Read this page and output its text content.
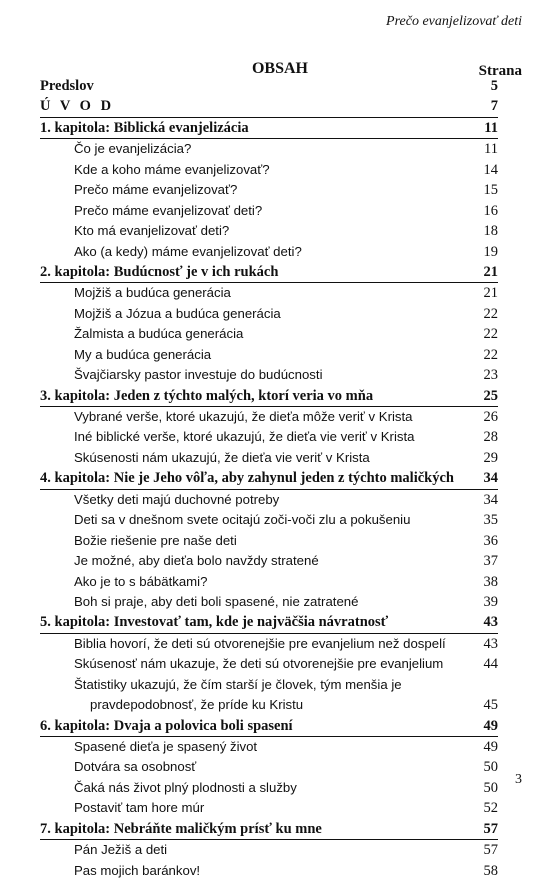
Prečo evanjelizovať deti
OBSAH	Strana
Predslov	5
Ú V O D	7
1. kapitola: Biblická evanjelizácia	11
Čo je evanjelizácia?	11
Kde a koho máme evanjelizovať?	14
Prečo máme evanjelizovať?	15
Prečo máme evanjelizovať deti?	16
Kto má evanjelizovať deti?	18
Ako (a kedy) máme evanjelizovať deti?	19
2. kapitola: Budúcnosť je v ich rukách	21
Mojžiš a budúca generácia	21
Mojžiš a Józua a budúca generácia	22
Žalmista a budúca generácia	22
My a budúca generácia	22
Švajčiarsky pastor investuje do budúcnosti	23
3. kapitola: Jeden z týchto malých, ktorí veria vo mňa	25
Vybrané verše, ktoré ukazujú, že dieťa môže veriť v Krista	26
Iné biblické verše, ktoré ukazujú, že dieťa vie veriť v Krista	28
Skúsenosti nám ukazujú, že dieťa vie veriť v Krista	29
4. kapitola: Nie je Jeho vôľa, aby zahynul jeden z týchto maličkých 34
Všetky deti majú duchovné potreby	34
Deti sa v dnešnom svete ocitajú zoči-voči zlu a pokušeniu	35
Božie riešenie pre naše deti	36
Je možné, aby dieťa bolo navždy stratené	37
Ako je to s bábätkami?	38
Boh si praje, aby deti boli spasené, nie zatratené	39
5. kapitola: Investovať tam, kde je najväčšia návratnosť	43
Biblia hovorí, že deti sú otvorenejšie pre evanjelium než dospelí	43
Skúsenosť nám ukazuje, že deti sú otvorenejšie pre evanjelium	44
Štatistiky ukazujú, že čím starší je človek, tým menšia je
pravdepodobnosť, že príde ku Kristu	45
6. kapitola: Dvaja a polovica boli spasení	49
Spasené dieťa je spasený život	49
Dotvára sa osobnosť	50
Čaká nás život plný plodnosti a služby	50
Postaviť tam hore múr	52
7. kapitola: Nebráňte maličkým prísť ku mne	57
Pán Ježiš a deti	57
Pas mojich baránkov!	58
3
